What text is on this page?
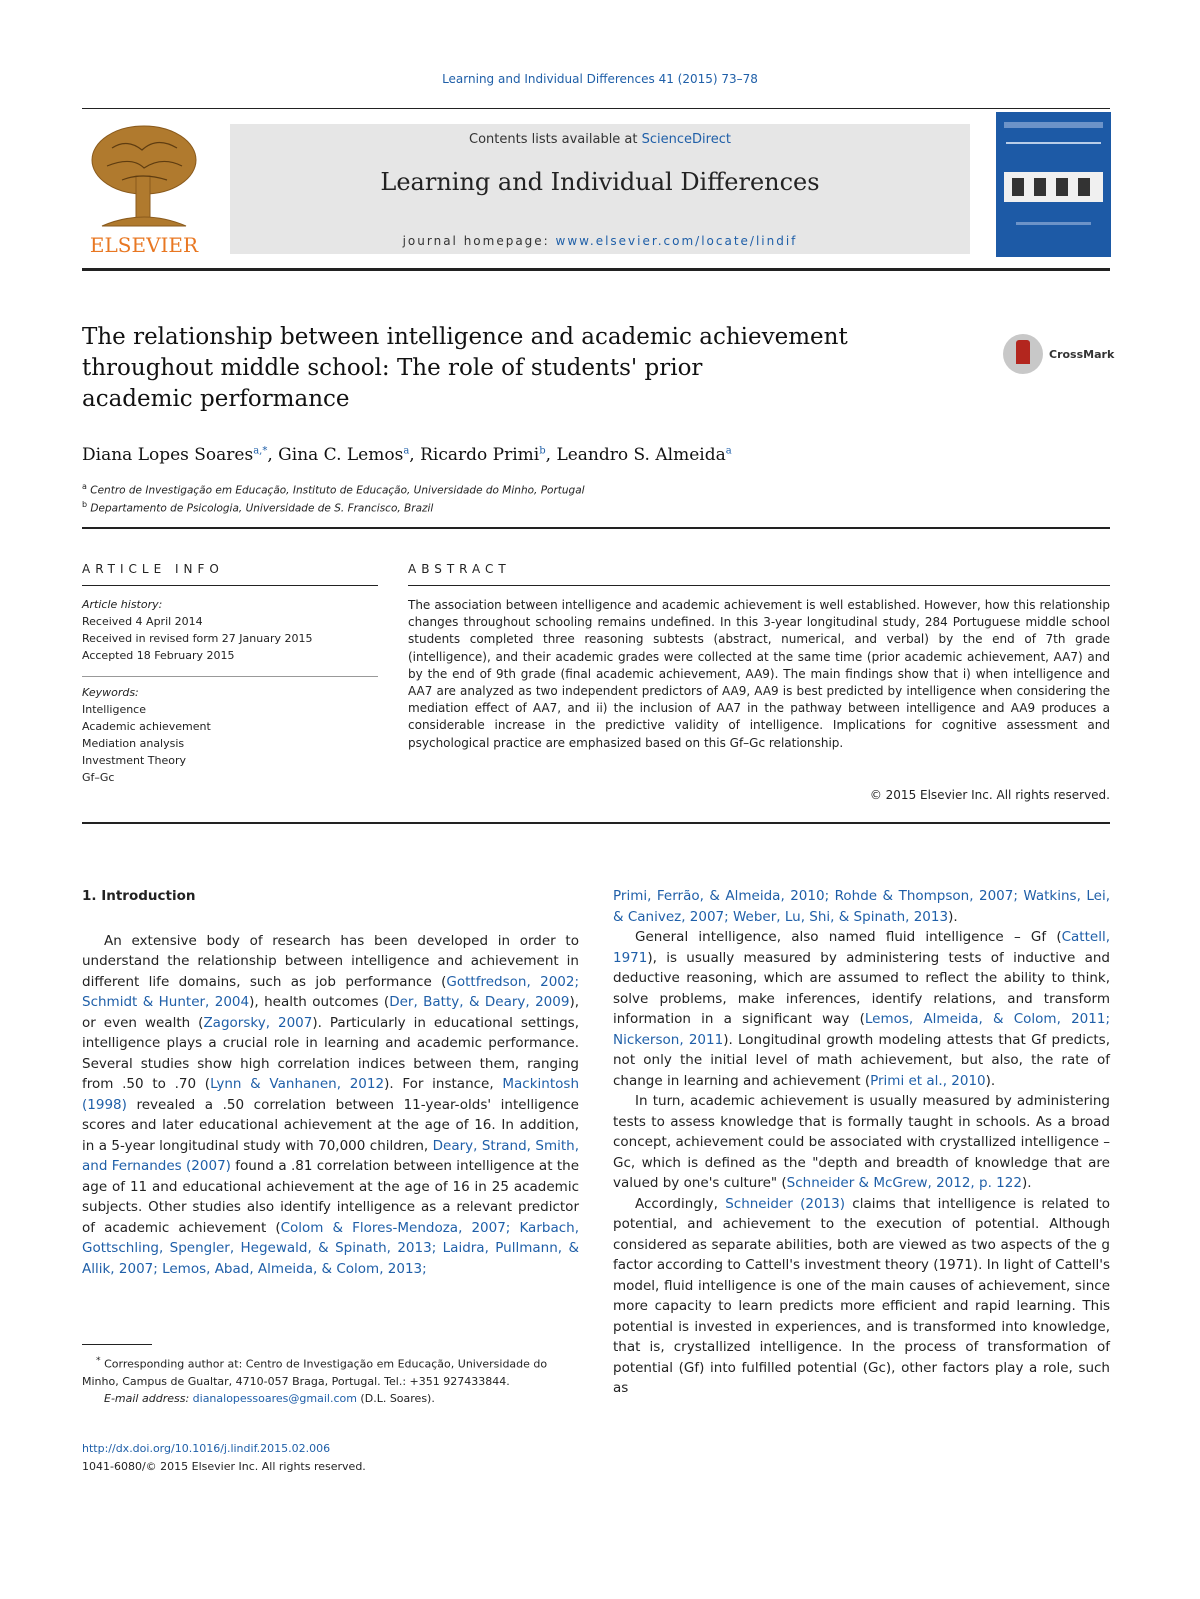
Learning and Individual Differences 41 (2015) 73–78
ELSEVIER
Contents lists available at ScienceDirect
Learning and Individual Differences
journal homepage: www.elsevier.com/locate/lindif
The relationship between intelligence and academic achievement
throughout middle school: The role of students' prior
academic performance
CrossMark
Diana Lopes Soares$^{a,*}$, Gina C. Lemos$^a$, Ricardo Primi$^b$, Leandro S. Almeida$^a$
$^a$ Centro de Investigação em Educação, Instituto de Educação, Universidade do Minho, Portugal
$^b$ Departamento de Psicologia, Universidade de S. Francisco, Brazil
ARTICLE INFO	ABSTRACT
Article history:
Received 4 April 2014
Received in revised form 27 January 2015
Accepted 18 February 2015
Keywords:
Intelligence
Academic achievement
Mediation analysis
Investment Theory
Gf–Gc
The association between intelligence and academic achievement is well established. However, how this relationship changes throughout schooling remains undefined. In this 3-year longitudinal study, 284 Portuguese middle school students completed three reasoning subtests (abstract, numerical, and verbal) by the end of 7th grade (intelligence), and their academic grades were collected at the same time (prior academic achievement, AA7) and by the end of 9th grade (final academic achievement, AA9). The main findings show that i) when intelligence and AA7 are analyzed as two independent predictors of AA9, AA9 is best predicted by intelligence when considering the mediation effect of AA7, and ii) the inclusion of AA7 in the pathway between intelligence and AA9 produces a considerable increase in the predictive validity of intelligence. Implications for cognitive assessment and psychological practice are emphasized based on this Gf–Gc relationship.
© 2015 Elsevier Inc. All rights reserved.
1. Introduction

An extensive body of research has been developed in order to understand the relationship between intelligence and achievement in different life domains, such as job performance (Gottfredson, 2002; Schmidt & Hunter, 2004), health outcomes (Der, Batty, & Deary, 2009), or even wealth (Zagorsky, 2007). Particularly in educational settings, intelligence plays a crucial role in learning and academic performance. Several studies show high correlation indices between them, ranging from .50 to .70 (Lynn & Vanhanen, 2012). For instance, Mackintosh (1998) revealed a .50 correlation between 11-year-olds' intelligence scores and later educational achievement at the age of 16. In addition, in a 5-year longitudinal study with 70,000 children, Deary, Strand, Smith, and Fernandes (2007) found a .81 correlation between intelligence at the age of 11 and educational achievement at the age of 16 in 25 academic subjects. Other studies also identify intelligence as a relevant predictor of academic achievement (Colom & Flores-Mendoza, 2007; Karbach, Gottschling, Spengler, Hegewald, & Spinath, 2013; Laidra, Pullmann, & Allik, 2007; Lemos, Abad, Almeida, & Colom, 2013;

Primi, Ferrão, & Almeida, 2010; Rohde & Thompson, 2007; Watkins, Lei, & Canivez, 2007; Weber, Lu, Shi, & Spinath, 2013).

General intelligence, also named fluid intelligence – Gf (Cattell, 1971), is usually measured by administering tests of inductive and deductive reasoning, which are assumed to reflect the ability to think, solve problems, make inferences, identify relations, and transform information in a significant way (Lemos, Almeida, & Colom, 2011; Nickerson, 2011). Longitudinal growth modeling attests that Gf predicts, not only the initial level of math achievement, but also, the rate of change in learning and achievement (Primi et al., 2010).

In turn, academic achievement is usually measured by administering tests to assess knowledge that is formally taught in schools. As a broad concept, achievement could be associated with crystallized intelligence – Gc, which is defined as the "depth and breadth of knowledge that are valued by one's culture" (Schneider & McGrew, 2012, p. 122).

Accordingly, Schneider (2013) claims that intelligence is related to potential, and achievement to the execution of potential. Although considered as separate abilities, both are viewed as two aspects of the g factor according to Cattell's investment theory (1971). In light of Cattell's model, fluid intelligence is one of the main causes of achievement, since more capacity to learn predicts more efficient and rapid learning. This potential is invested in experiences, and is transformed into knowledge, that is, crystallized intelligence. In the process of transformation of potential (Gf) into fulfilled potential (Gc), other factors play a role, such as

* Corresponding author at: Centro de Investigação em Educação, Universidade do Minho, Campus de Gualtar, 4710-057 Braga, Portugal. Tel.: +351 927433844.
E-mail address: dianalopessoares@gmail.com (D.L. Soares).
http://dx.doi.org/10.1016/j.lindif.2015.02.006
1041-6080/© 2015 Elsevier Inc. All rights reserved.
